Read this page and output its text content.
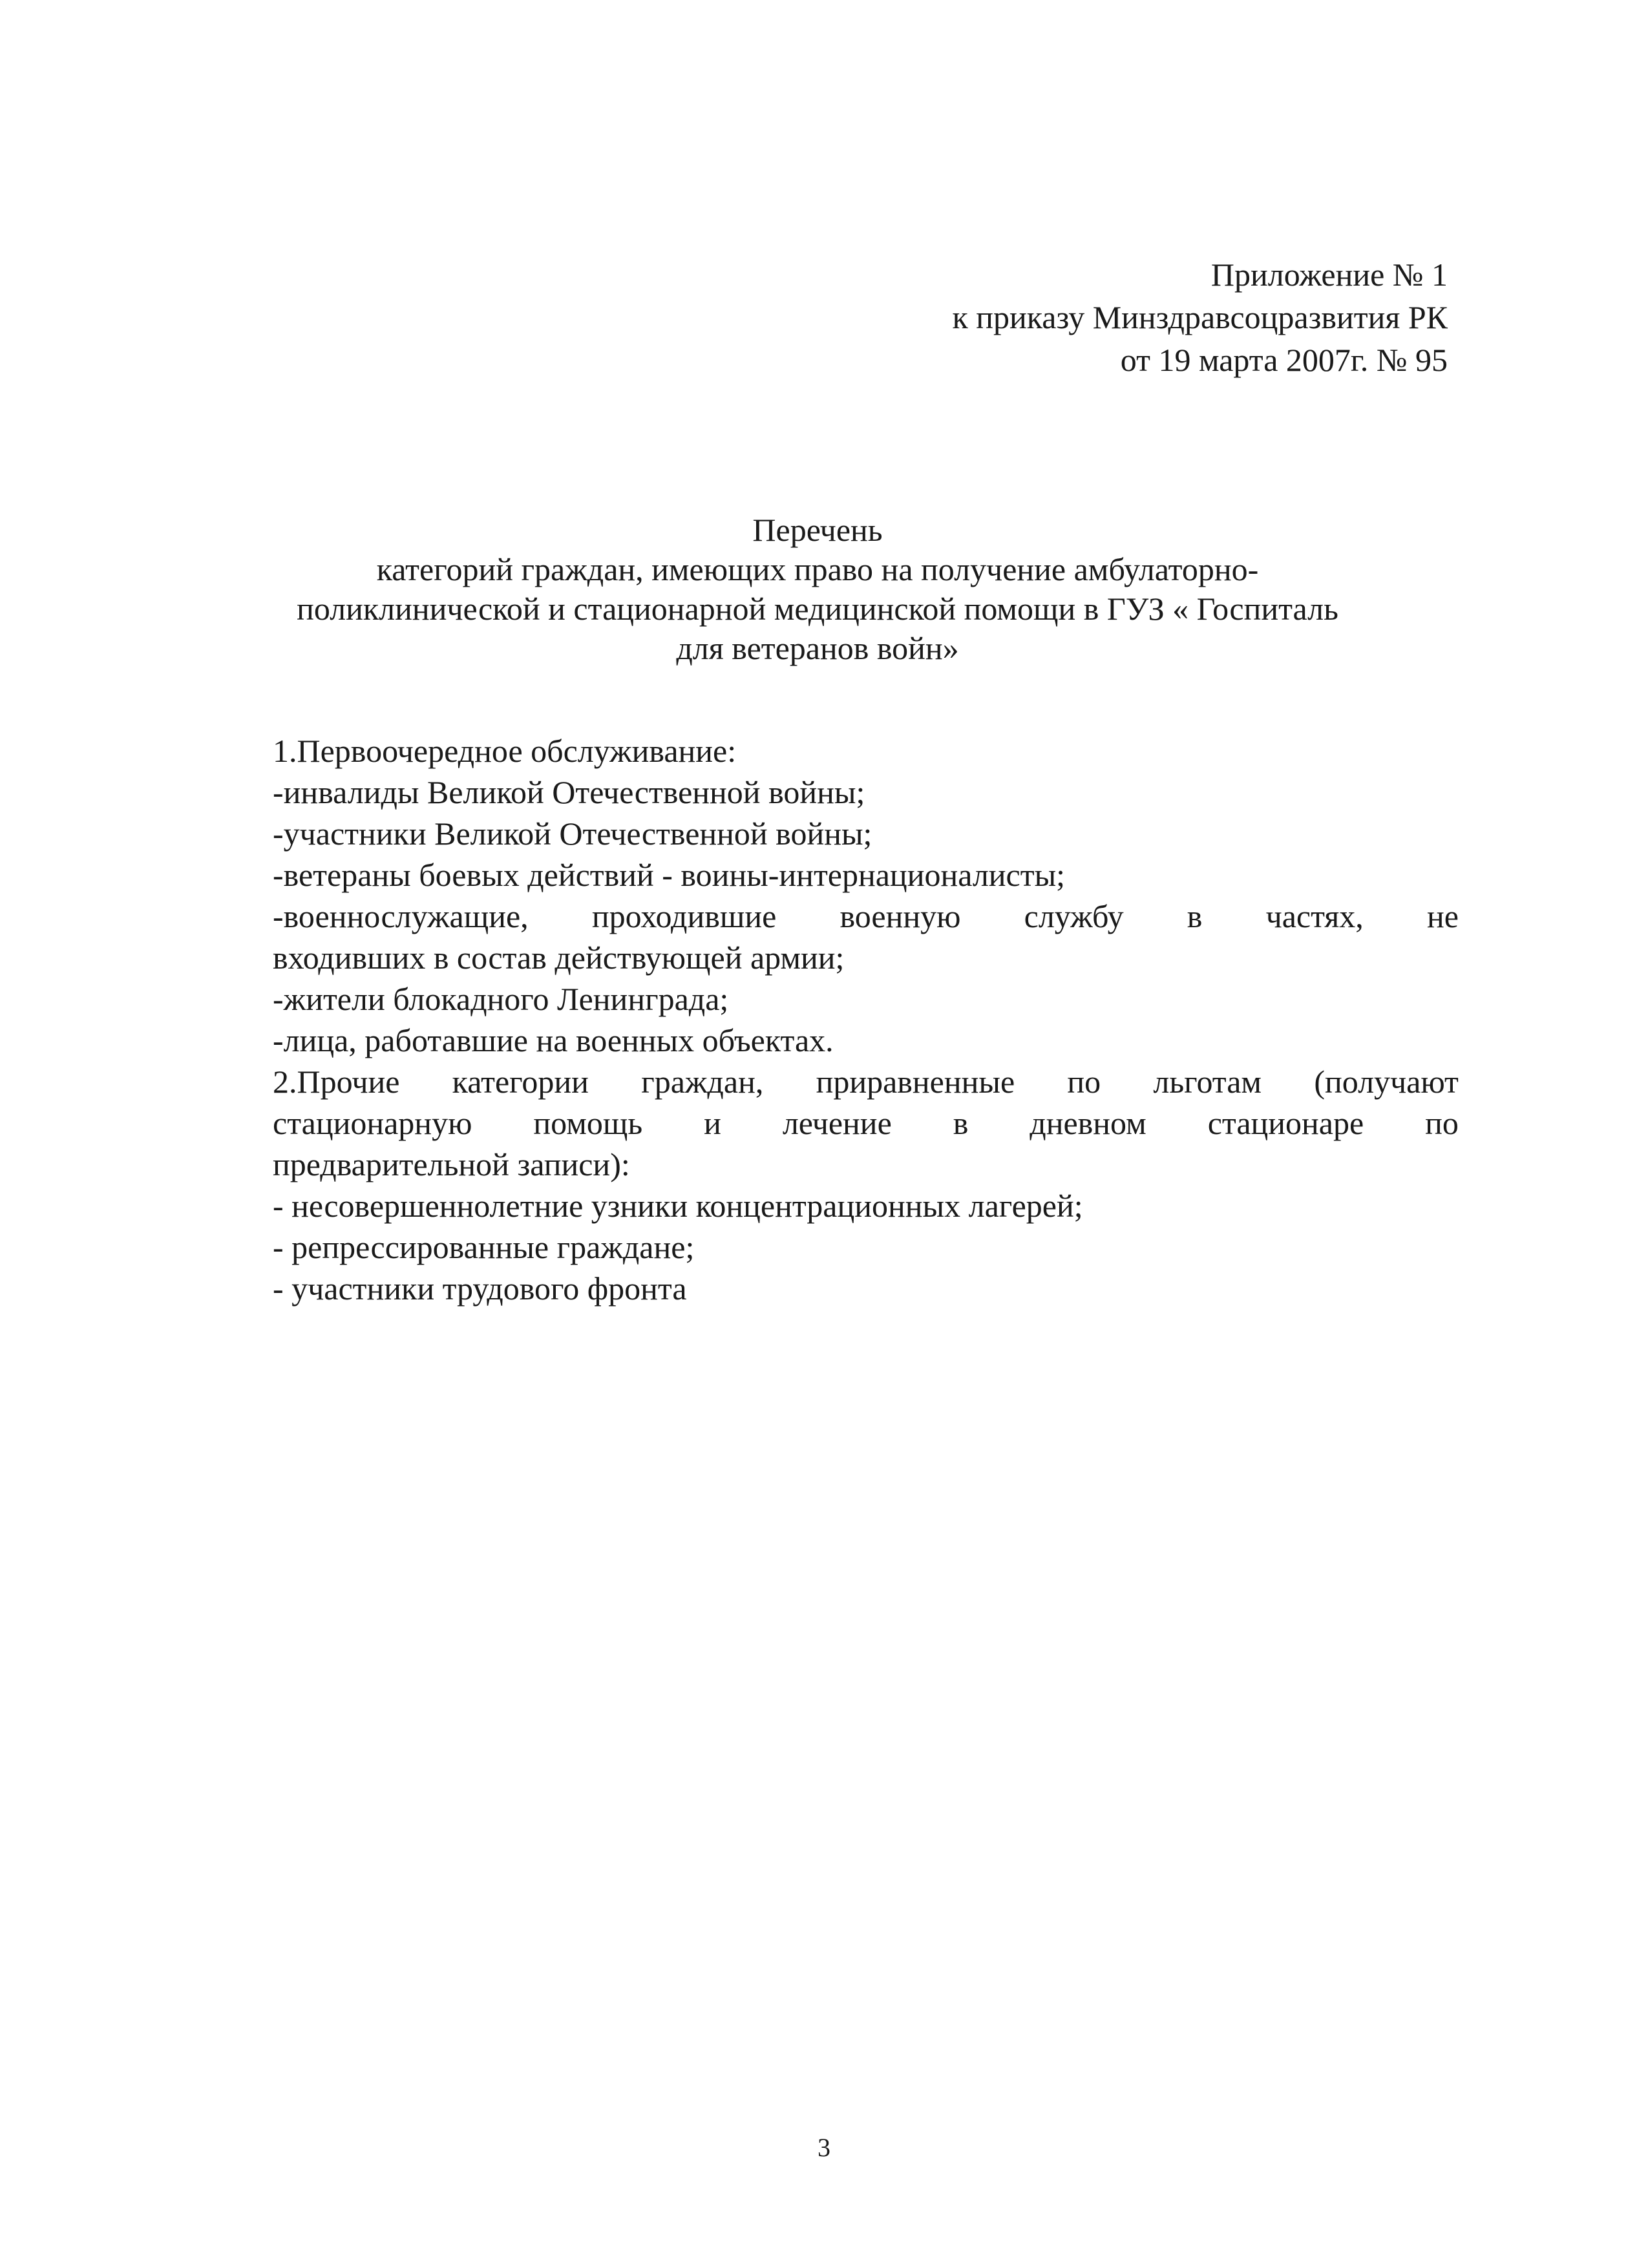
Приложение № 1
к приказу Минздравсоцразвития РК
от 19 марта 2007г. № 95
Перечень
категорий граждан, имеющих право на получение амбулаторно-
поликлинической и стационарной медицинской помощи в ГУЗ « Госпиталь
для ветеранов войн»
1.Первоочередное обслуживание:
-инвалиды Великой Отечественной войны;
-участники Великой Отечественной войны;
-ветераны боевых действий - воины-интернационалисты;
-военнослужащие, проходившие военную службу в частях, не
входивших в состав действующей армии;
-жители блокадного Ленинграда;
-лица, работавшие на военных объектах.
2.Прочие категории граждан, приравненные по льготам (получают
стационарную помощь и лечение в дневном стационаре по
предварительной записи):
- несовершеннолетние узники концентрационных лагерей;
- репрессированные граждане;
- участники трудового фронта
3
